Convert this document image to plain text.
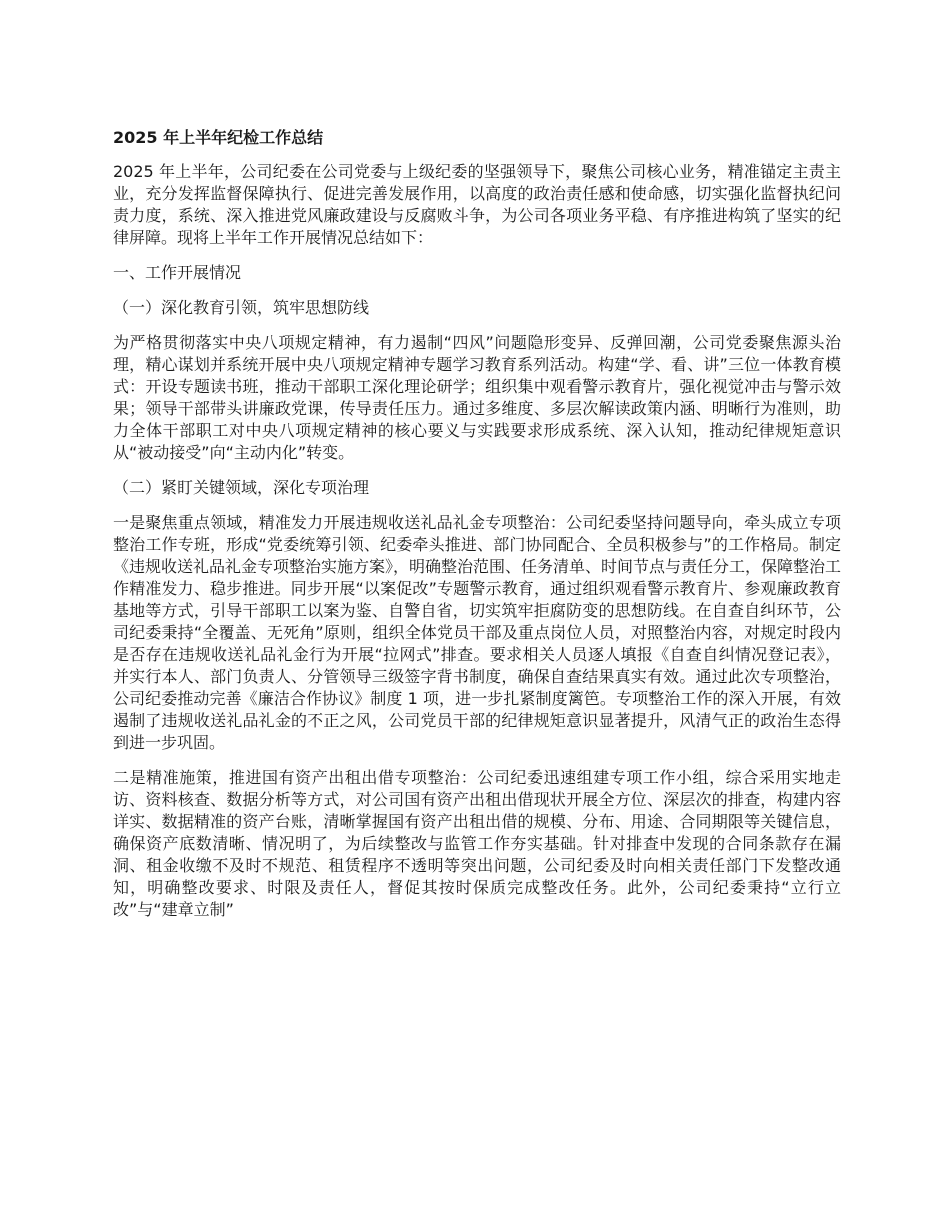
2025 年上半年纪检工作总结
2025 年上半年，公司纪委在公司党委与上级纪委的坚强领导下，聚焦公司核心业务，精准锚定主责主业，充分发挥监督保障执行、促进完善发展作用，以高度的政治责任感和使命感，切实强化监督执纪问责力度，系统、深入推进党风廉政建设与反腐败斗争，为公司各项业务平稳、有序推进构筑了坚实的纪律屏障。现将上半年工作开展情况总结如下：
一、工作开展情况
（一）深化教育引领，筑牢思想防线
为严格贯彻落实中央八项规定精神，有力遏制“四风”问题隐形变异、反弹回潮，公司党委聚焦源头治理，精心谋划并系统开展中央八项规定精神专题学习教育系列活动。构建“学、看、讲”三位一体教育模式：开设专题读书班，推动干部职工深化理论研学；组织集中观看警示教育片，强化视觉冲击与警示效果；领导干部带头讲廉政党课，传导责任压力。通过多维度、多层次解读政策内涵、明晰行为准则，助力全体干部职工对中央八项规定精神的核心要义与实践要求形成系统、深入认知，推动纪律规矩意识从“被动接受”向“主动内化”转变。
（二）紧盯关键领域，深化专项治理
一是聚焦重点领域，精准发力开展违规收送礼品礼金专项整治：公司纪委坚持问题导向，牵头成立专项整治工作专班，形成“党委统筹引领、纪委牵头推进、部门协同配合、全员积极参与”的工作格局。制定《违规收送礼品礼金专项整治实施方案》，明确整治范围、任务清单、时间节点与责任分工，保障整治工作精准发力、稳步推进。同步开展“以案促改”专题警示教育，通过组织观看警示教育片、参观廉政教育基地等方式，引导干部职工以案为鉴、自警自省，切实筑牢拒腐防变的思想防线。在自查自纠环节，公司纪委秉持“全覆盖、无死角”原则，组织全体党员干部及重点岗位人员，对照整治内容，对规定时段内是否存在违规收送礼品礼金行为开展“拉网式”排查。要求相关人员逐人填报《自查自纠情况登记表》，并实行本人、部门负责人、分管领导三级签字背书制度，确保自查结果真实有效。通过此次专项整治，公司纪委推动完善《廉洁合作协议》制度 1 项，进一步扎紧制度篱笆。专项整治工作的深入开展，有效遏制了违规收送礼品礼金的不正之风，公司党员干部的纪律规矩意识显著提升，风清气正的政治生态得到进一步巩固。
二是精准施策，推进国有资产出租出借专项整治：公司纪委迅速组建专项工作小组，综合采用实地走访、资料核查、数据分析等方式，对公司国有资产出租出借现状开展全方位、深层次的排查，构建内容详实、数据精准的资产台账，清晰掌握国有资产出租出借的规模、分布、用途、合同期限等关键信息，确保资产底数清晰、情况明了，为后续整改与监管工作夯实基础。针对排查中发现的合同条款存在漏洞、租金收缴不及时不规范、租赁程序不透明等突出问题，公司纪委及时向相关责任部门下发整改通知，明确整改要求、时限及责任人，督促其按时保质完成整改任务。此外，公司纪委秉持“立行立改”与“建章立制”
